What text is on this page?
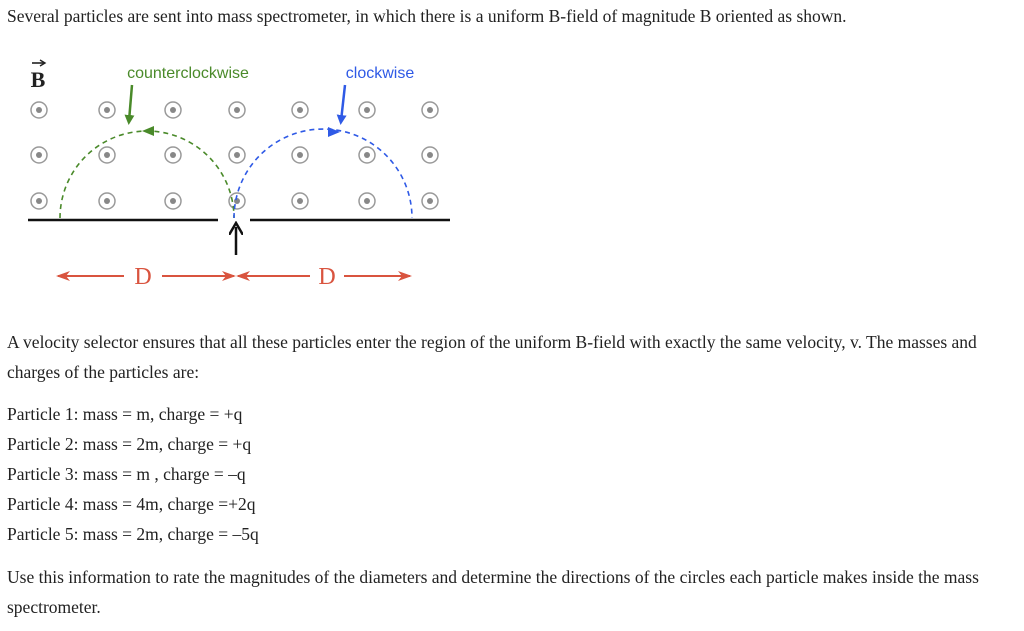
Several particles are sent into mass spectrometer, in which there is a uniform B-field of magnitude B oriented as shown.

B	counterclockwise	clockwise
D	D

A velocity selector ensures that all these particles enter the region of the uniform B-field with exactly the same velocity, v. The masses and charges of the particles are:

Particle 1: mass = m, charge = +q
Particle 2: mass = 2m, charge = +q
Particle 3: mass = m , charge = –q
Particle 4: mass = 4m, charge =+2q
Particle 5: mass = 2m, charge = –5q

Use this information to rate the magnitudes of the diameters and determine the directions of the circles each particle makes inside the mass spectrometer.
